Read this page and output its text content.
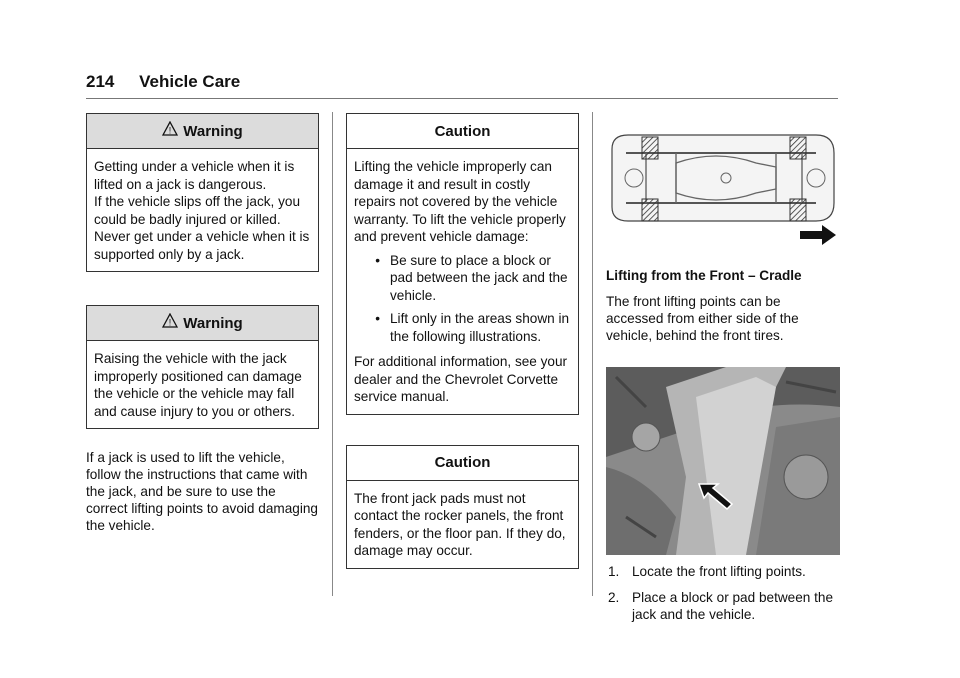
214 Vehicle Care
! Warning

Getting under a vehicle when it is lifted on a jack is dangerous.

If the vehicle slips off the jack, you could be badly injured or killed. Never get under a vehicle when it is supported only by a jack.

! Warning

Raising the vehicle with the jack improperly positioned can damage the vehicle or the vehicle may fall and cause injury to you or others.

If a jack is used to lift the vehicle, follow the instructions that came with the jack, and be sure to use the correct lifting points to avoid damaging the vehicle.

Caution

Lifting the vehicle improperly can damage it and result in costly repairs not covered by the vehicle warranty. To lift the vehicle properly and prevent vehicle damage:

• Be sure to place a block or pad between the jack and the vehicle.
• Lift only in the areas shown in the following illustrations.

For additional information, see your dealer and the Chevrolet Corvette service manual.

Caution

The front jack pads must not contact the rocker panels, the front fenders, or the floor pan. If they do, damage may occur.

Lifting from the Front – Cradle

The front lifting points can be accessed from either side of the vehicle, behind the front tires.

1. Locate the front lifting points.
2. Place a block or pad between the jack and the vehicle.
